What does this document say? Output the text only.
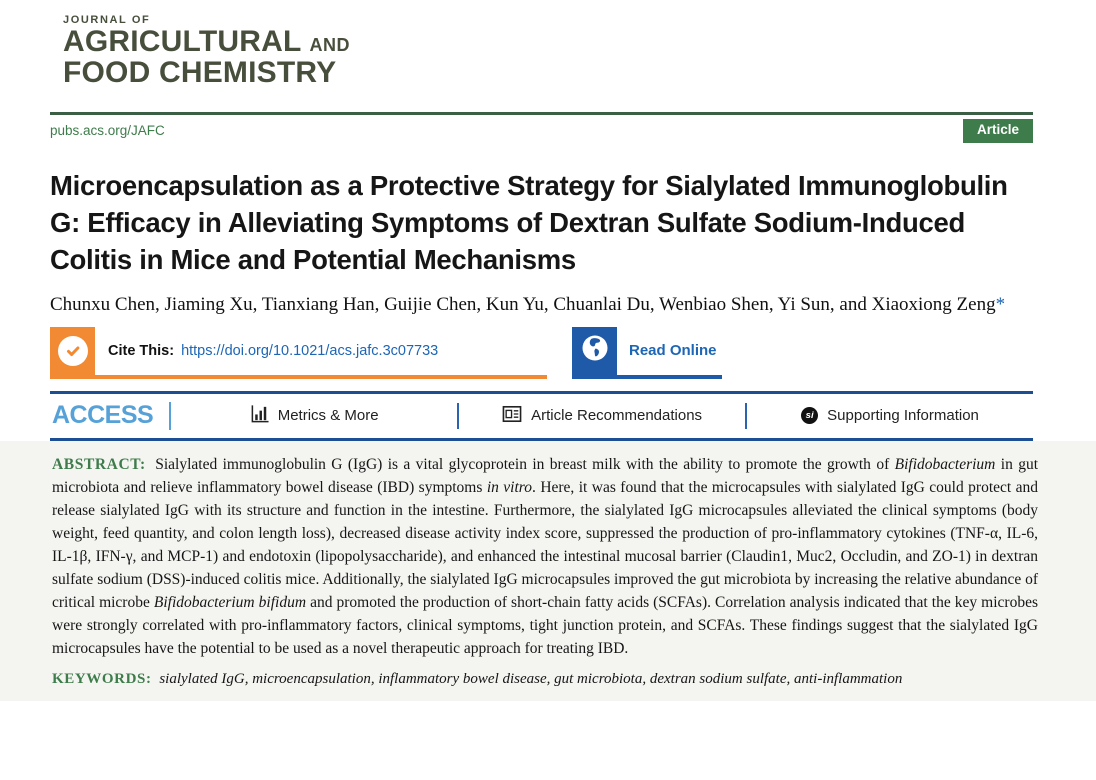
JOURNAL OF
AGRICULTURAL AND
FOOD CHEMISTRY
pubs.acs.org/JAFC	Article
Microencapsulation as a Protective Strategy for Sialylated Immunoglobulin G: Efficacy in Alleviating Symptoms of Dextran Sulfate Sodium-Induced Colitis in Mice and Potential Mechanisms

Chunxu Chen, Jiaming Xu, Tianxiang Han, Guijie Chen, Kun Yu, Chuanlai Du, Wenbiao Shen, Yi Sun, and Xiaoxiong Zeng*

Cite This: https://doi.org/10.1021/acs.jafc.3c07733	Read Online
ACCESS	Metrics & More	Article Recommendations	si Supporting Information

ABSTRACT: Sialylated immunoglobulin G (IgG) is a vital glycoprotein in breast milk with the ability to promote the growth of Bifidobacterium in gut microbiota and relieve inflammatory bowel disease (IBD) symptoms in vitro. Here, it was found that the microcapsules with sialylated IgG could protect and release sialylated IgG with its structure and function in the intestine. Furthermore, the sialylated IgG microcapsules alleviated the clinical symptoms (body weight, feed quantity, and colon length loss), decreased disease activity index score, suppressed the production of pro-inflammatory cytokines (TNF-α, IL-6, IL-1β, IFN-γ, and MCP-1) and endotoxin (lipopolysaccharide), and enhanced the intestinal mucosal barrier (Claudin1, Muc2, Occludin, and ZO-1) in dextran sulfate sodium (DSS)-induced colitis mice. Additionally, the sialylated IgG microcapsules improved the gut microbiota by increasing the relative abundance of critical microbe Bifidobacterium bifidum and promoted the production of short-chain fatty acids (SCFAs). Correlation analysis indicated that the key microbes were strongly correlated with pro-inflammatory factors, clinical symptoms, tight junction protein, and SCFAs. These findings suggest that the sialylated IgG microcapsules have the potential to be used as a novel therapeutic approach for treating IBD.

KEYWORDS: sialylated IgG, microencapsulation, inflammatory bowel disease, gut microbiota, dextran sodium sulfate, anti-inflammation
